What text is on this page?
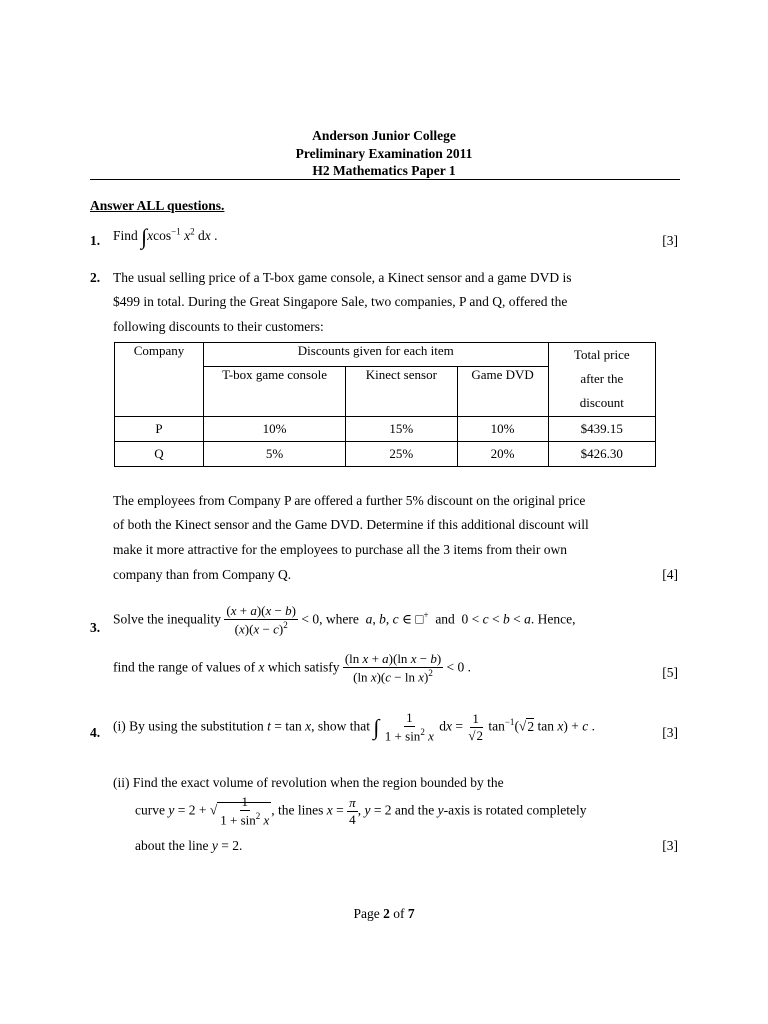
Anderson Junior College
Preliminary Examination 2011
H2 Mathematics Paper 1
Answer ALL questions.
1. Find ∫xcos$^{-1}$ $x^2$ dx .	[3]
2. The usual selling price of a T-box game console, a Kinect sensor and a game DVD is
$499 in total. During the Great Singapore Sale, two companies, P and Q, offered the
following discounts to their customers:
Company	Discounts given for each item			Total price
after the
discount
	T-box game console	Kinect sensor	Game DVD	
P	10%	15%	10%	$439.15
Q	5%	25%	20%	$426.30
The employees from Company P are offered a further 5% discount on the original price
of both the Kinect sensor and the Game DVD. Determine if this additional discount will
make it more attractive for the employees to purchase all the 3 items from their own
company than from Company Q.	[4]
3.
Solve the inequality $\frac{(x + a)(x - b)}{(x)(x - c)^2} < 0$, where a, b, c ∈ □+  and  0 < c < b < a. Hence,
find the range of values of x which satisfy $\frac{\text{(ln x + a)(ln x − b)}}{(\ln x)(c - \ln x)^2} < 0$ .	[5]
4. (i) By using the substitution t = tan x, show that ∫ $\frac{1}{1 + \sin^2 x}$ dx = $\frac{1}{√2} \tan^{-1}(√2$ tan x) + c .	[3]
(ii) Find the exact volume of revolution when the region bounded by the
curve y = 2 + √ $\frac{1}{1 + \sin^2 x}$ , the lines $x = \frac{\pi}{4}$ , y = 2 and the y-axis is rotated completely
about the line y = 2.	[3]
Page 2 of 7
